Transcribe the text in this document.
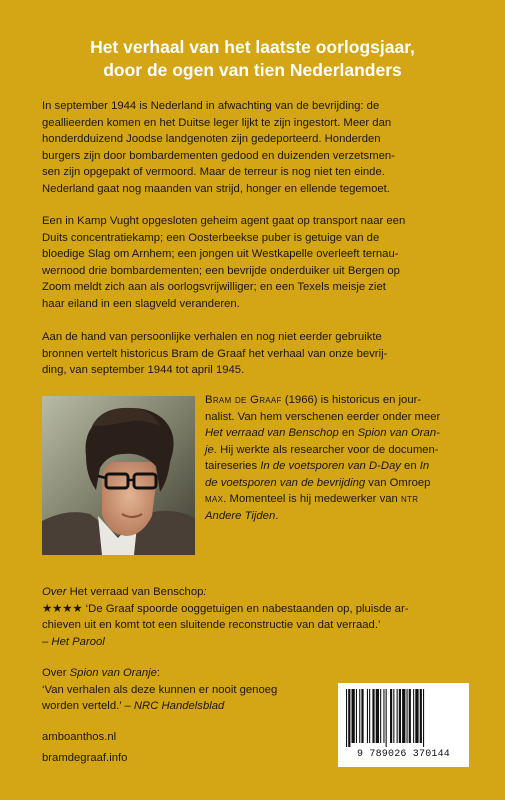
Het verhaal van het laatste oorlogsjaar,
door de ogen van tien Nederlanders

In september 1944 is Nederland in afwachting van de bevrijding: de
geallieerden komen en het Duitse leger lijkt te zijn ingestort. Meer dan
honderdduizend Joodse landgenoten zijn gedeporteerd. Honderden
burgers zijn door bombardementen gedood en duizenden verzetsmen-
sen zijn opgepakt of vermoord. Maar de terreur is nog niet ten einde.
Nederland gaat nog maanden van strijd, honger en ellende tegemoet.

Een in Kamp Vught opgesloten geheim agent gaat op transport naar een
Duits concentratiekamp; een Oosterbeekse puber is getuige van de
bloedige Slag om Arnhem; een jongen uit Westkapelle overleeft ternau-
wernood drie bombardementen; een bevrijde onderduiker uit Bergen op
Zoom meldt zich aan als oorlogsvrijwilliger; en een Texels meisje ziet
haar eiland in een slagveld veranderen.

Aan de hand van persoonlijke verhalen en nog niet eerder gebruikte
bronnen vertelt historicus Bram de Graaf het verhaal van onze bevrij-
ding, van september 1944 tot april 1945.

Bram de Graaf (1966) is historicus en jour-
nalist. Van hem verschenen eerder onder meer
Het verraad van Benschop en Spion van Oran-
je. Hij werkte als researcher voor de documen-
taireseries In de voetsporen van D-Day en In
de voetsporen van de bevrijding van Omroep
max. Momenteel is hij medewerker van ntr
Andere Tijden.
Over Het verraad van Benschop:
★★★★ ‘De Graaf spoorde ooggetuigen en nabestaanden op, pluisde ar-
chieven uit en komt tot een sluitende reconstructie van dat verraad.’
– Het Parool
Over Spion van Oranje:
‘Van verhalen als deze kunnen er nooit genoeg
worden verteld.’ – NRC Handelsblad
amboanthos.nl
bramdegraaf.info	9 789026 370144
